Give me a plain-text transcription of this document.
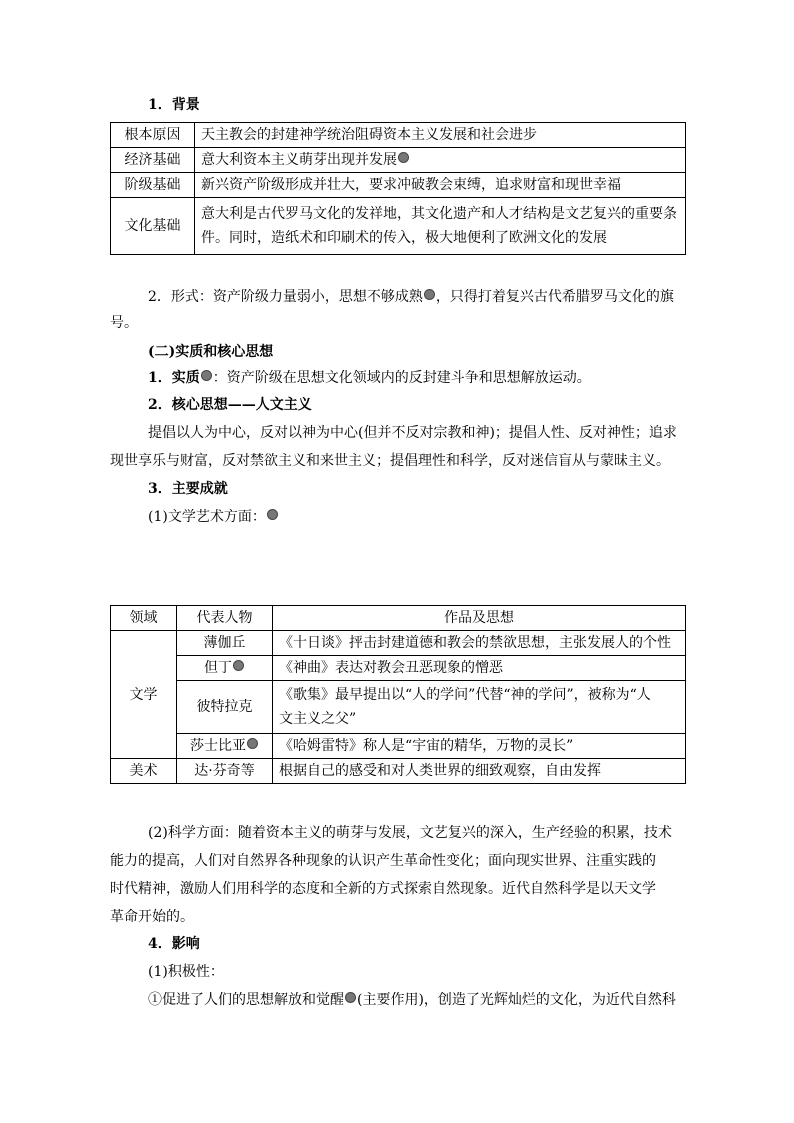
1．背景
根本原因	天主教会的封建神学统治阻碍资本主义发展和社会进步
经济基础	意大利资本主义萌芽出现并发展
阶级基础	新兴资产阶级形成并壮大，要求冲破教会束缚，追求财富和现世幸福
文化基础	意大利是古代罗马文化的发祥地，其文化遗产和人才结构是文艺复兴的重要条
件。同时，造纸术和印刷术的传入，极大地便利了欧洲文化的发展
2．形式：资产阶级力量弱小，思想不够成熟 ，只得打着复兴古代希腊罗马文化的旗
号。
(二)实质和核心思想
1．实质 ：资产阶级在思想文化领域内的反封建斗争和思想解放运动。
2．核心思想——人文主义
提倡以人为中心，反对以神为中心(但并不反对宗教和神)；提倡人性、反对神性；追求
现世享乐与财富，反对禁欲主义和来世主义；提倡理性和科学，反对迷信盲从与蒙昧主义。
3．主要成就
(1)文学艺术方面：
领域	代表人物	作品及思想
文学	薄伽丘	《十日谈》抨击封建道德和教会的禁欲思想，主张发展人的个性
	但丁	《神曲》表达对教会丑恶现象的憎恶
	彼特拉克	《歌集》最早提出以“人的学问”代替“神的学问”，被称为“人
文主义之父”

	莎士比亚	《哈姆雷特》称人是“宇宙的精华，万物的灵长”
美术	达·芬奇等	根据自己的感受和对人类世界的细致观察，自由发挥
(2)科学方面：随着资本主义的萌芽与发展，文艺复兴的深入，生产经验的积累，技术
能力的提高，人们对自然界各种现象的认识产生革命性变化；面向现实世界、注重实践的
时代精神，激励人们用科学的态度和全新的方式探索自然现象。近代自然科学是以天文学
革命开始的。
4．影响
(1)积极性：
①促进了人们的思想解放和觉醒 (主要作用)，创造了光辉灿烂的文化，为近代自然科
